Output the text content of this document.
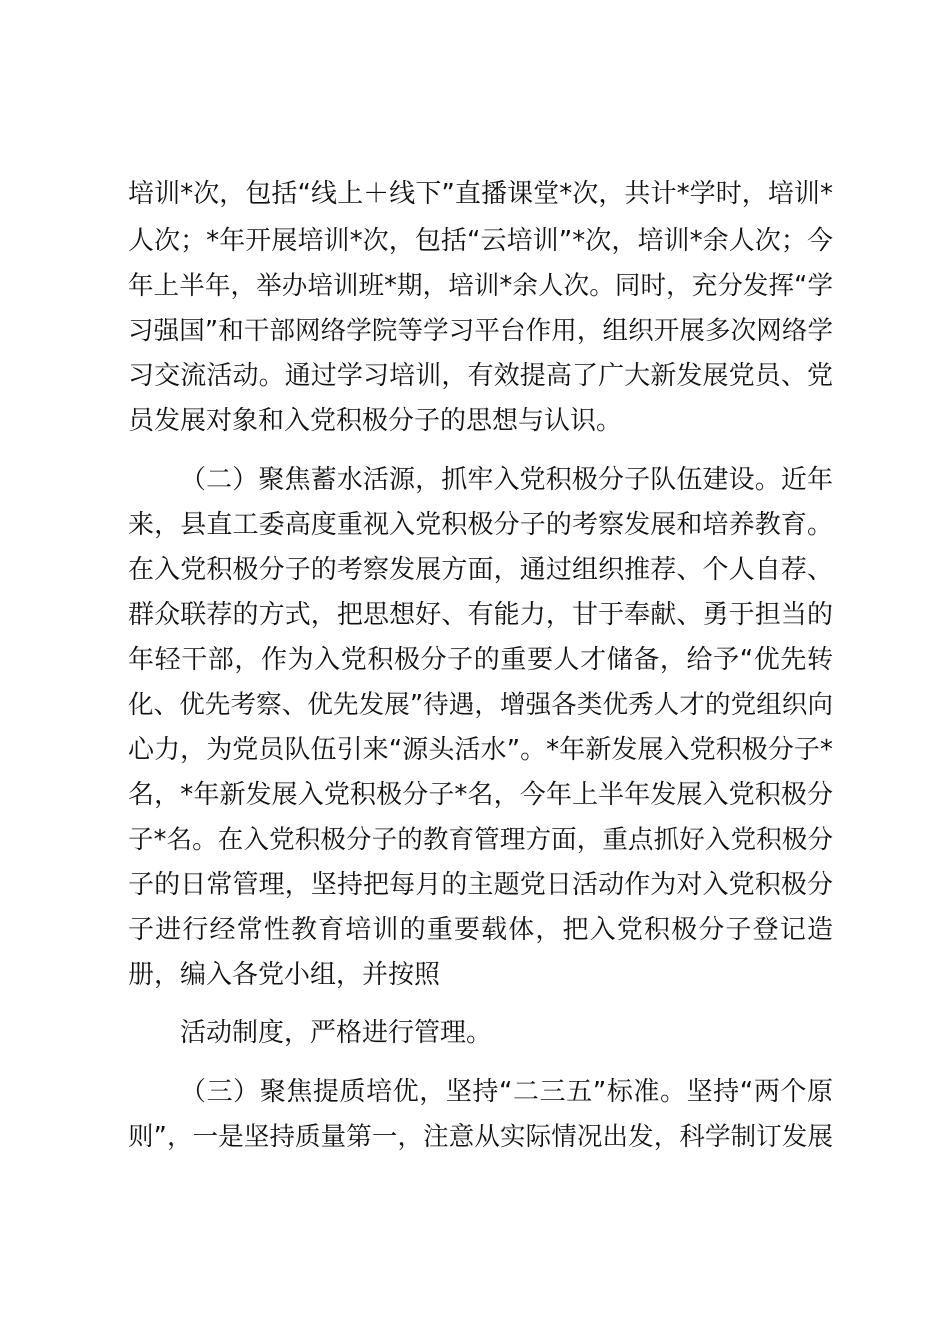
培训*次，包括“线上＋线下”直播课堂*次，共计*学时，培训*

人次；*年开展培训*次，包括“云培训”*次，培训*余人次；今

年上半年，举办培训班*期，培训*余人次。同时，充分发挥“学

习强国”和干部网络学院等学习平台作用，组织开展多次网络学

习交流活动。通过学习培训，有效提高了广大新发展党员、党

员发展对象和入党积极分子的思想与认识。

（二）聚焦蓄水活源，抓牢入党积极分子队伍建设。近年

来，县直工委高度重视入党积极分子的考察发展和培养教育。

在入党积极分子的考察发展方面，通过组织推荐、个人自荐、

群众联荐的方式，把思想好、有能力，甘于奉献、勇于担当的

年轻干部，作为入党积极分子的重要人才储备，给予“优先转

化、优先考察、优先发展”待遇，增强各类优秀人才的党组织向

心力，为党员队伍引来“源头活水”。*年新发展入党积极分子*

名，*年新发展入党积极分子*名，今年上半年发展入党积极分

子*名。在入党积极分子的教育管理方面，重点抓好入党积极分

子的日常管理，坚持把每月的主题党日活动作为对入党积极分

子进行经常性教育培训的重要载体，把入党积极分子登记造

册，编入各党小组，并按照

活动制度，严格进行管理。

（三）聚焦提质培优，坚持“二三五”标准。坚持“两个原

则”，一是坚持质量第一，注意从实际情况出发，科学制订发展
